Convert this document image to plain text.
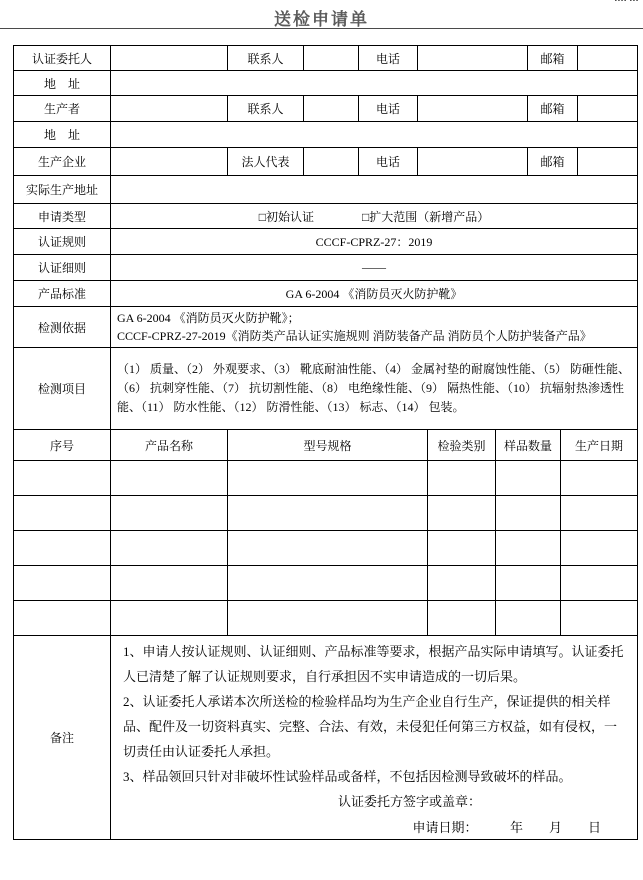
▪▪▪▪ ▪▪▪
送检申请单
认证委托人		联系人		电话		邮箱	
地　址							
生产者		联系人		电话		邮箱	
地　址							
生产企业		法人代表		电话		邮箱	
实际生产地址							
申请类型	□初始认证　　　　□扩大范围（新增产品）						
认证规则	CCCF-CPRZ-27：2019						
认证细则	——						
产品标准	GA 6-2004 《消防员灭火防护靴》						
检测依据	GA 6-2004 《消防员灭火防护靴》；
CCCF-CPRZ-27-2019《消防类产品认证实施规则 消防装备产品 消防员个人防护装备产品》						

检测项目	（1） 质量、（2） 外观要求、（3） 靴底耐油性能、（4） 金属衬垫的耐腐蚀性能、（5） 防砸性能、（6） 抗刺穿性能、（7） 抗切割性能、（8） 电绝缘性能、（9） 隔热性能、（10） 抗辐射热渗透性能、（11） 防水性能、（12） 防滑性能、（13） 标志、（14） 包装。						
序号	产品名称	型号规格	检验类别	样品数量	生产日期

备注	

1、申请人按认证规则、认证细则、产品标准等要求，根据产品实际申请填写。认证委托人已清楚了解了认证规则要求，自行承担因不实申请造成的一切后果。

2、认证委托人承诺本次所送检的检验样品均为生产企业自行生产，保证提供的相关样品、配件及一切资料真实、完整、合法、有效，未侵犯任何第三方权益，如有侵权，一切责任由认证委托人承担。

3、样品领回只针对非破坏性试验样品或备样，不包括因检测导致破坏的样品。

认证委托方签字或盖章：
申请日期：　　　年　　月　　日
